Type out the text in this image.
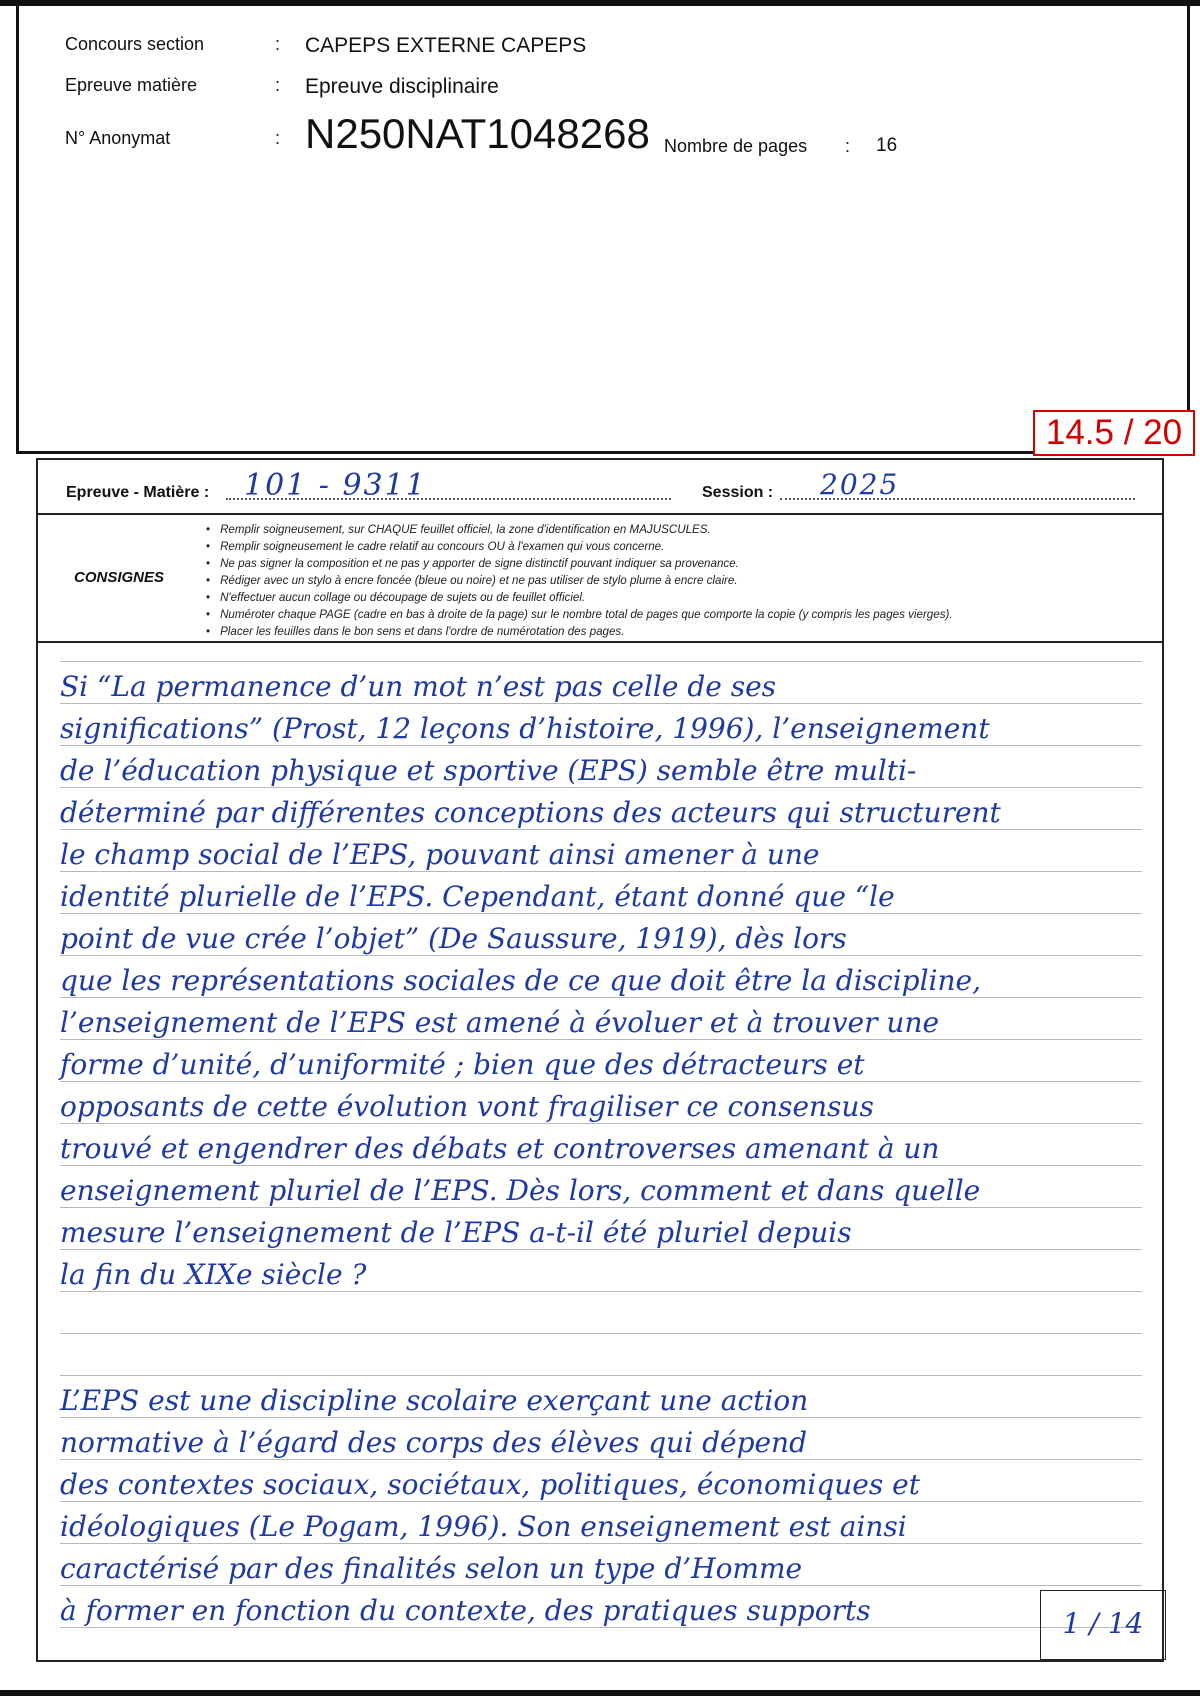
Concours section	: CAPEPS EXTERNE CAPEPS
Epreuve matière	: Epreuve disciplinaire
N° Anonymat	: N250NAT1048268 Nombre de pages : 16
14.5 / 20
Epreuve - Matière : 101 - 9311	Session : 2025
CONSIGNES
• Remplir soigneusement, sur CHAQUE feuillet officiel, la zone d'identification en MAJUSCULES.
• Remplir soigneusement le cadre relatif au concours OU à l'examen qui vous concerne.
• Ne pas signer la composition et ne pas y apporter de signe distinctif pouvant indiquer sa provenance.
• Rédiger avec un stylo à encre foncée (bleue ou noire) et ne pas utiliser de stylo plume à encre claire.
• N'effectuer aucun collage ou découpage de sujets ou de feuillet officiel.
• Numéroter chaque PAGE (cadre en bas à droite de la page) sur le nombre total de pages que comporte la copie (y compris les pages vierges).
• Placer les feuilles dans le bon sens et dans l'ordre de numérotation des pages.
Si “La permanence d’un mot n’est pas celle de ses
significations” (Prost, 12 leçons d’histoire, 1996), l’enseignement
de l’éducation physique et sportive (EPS) semble être multi-
déterminé par différentes conceptions des acteurs qui structurent
le champ social de l’EPS, pouvant ainsi amener à une
identité plurielle de l’EPS. Cependant, étant donné que “le
point de vue crée l’objet” (De Saussure, 1919), dès lors
que les représentations sociales de ce que doit être la discipline,
l’enseignement de l’EPS est amené à évoluer et à trouver une
forme d’unité, d’uniformité ; bien que des détracteurs et
opposants de cette évolution vont fragiliser ce consensus
trouvé et engendrer des débats et controverses amenant à un
enseignement pluriel de l’EPS. Dès lors, comment et dans quelle
mesure l’enseignement de l’EPS a-t-il été pluriel depuis
la fin du XIXe siècle ?
L’EPS est une discipline scolaire exerçant une action
normative à l’égard des corps des élèves qui dépend
des contextes sociaux, sociétaux, politiques, économiques et
idéologiques (Le Pogam, 1996). Son enseignement est ainsi
caractérisé par des finalités selon un type d’Homme
à former en fonction du contexte, des pratiques supports	1 / 14
